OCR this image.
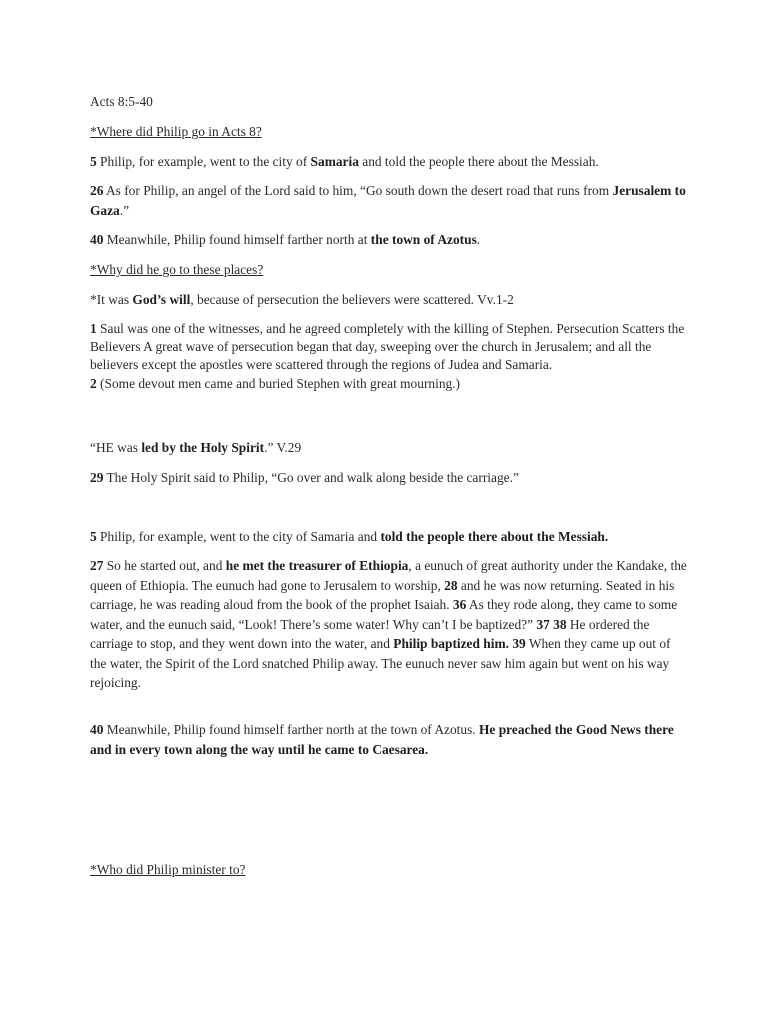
Acts 8:5-40
*Where did Philip go in Acts 8?
5 Philip, for example, went to the city of Samaria and told the people there about the Messiah.
26 As for Philip, an angel of the Lord said to him, “Go south down the desert road that runs from Jerusalem to Gaza.”
40 Meanwhile, Philip found himself farther north at the town of Azotus.
*Why did he go to these places?
*It was God’s will, because of persecution the believers were scattered. Vv.1-2
1 Saul was one of the witnesses, and he agreed completely with the killing of Stephen. Persecution Scatters the Believers A great wave of persecution began that day, sweeping over the church in Jerusalem; and all the believers except the apostles were scattered through the regions of Judea and Samaria.
2 (Some devout men came and buried Stephen with great mourning.)
“HE was led by the Holy Spirit.” V.29
29 The Holy Spirit said to Philip, “Go over and walk along beside the carriage.”
5 Philip, for example, went to the city of Samaria and told the people there about the Messiah.
27 So he started out, and he met the treasurer of Ethiopia, a eunuch of great authority under the Kandake, the queen of Ethiopia. The eunuch had gone to Jerusalem to worship, 28 and he was now returning. Seated in his carriage, he was reading aloud from the book of the prophet Isaiah. 36 As they rode along, they came to some water, and the eunuch said, “Look! There’s some water! Why can’t I be baptized?” 37 38 He ordered the carriage to stop, and they went down into the water, and Philip baptized him. 39 When they came up out of the water, the Spirit of the Lord snatched Philip away. The eunuch never saw him again but went on his way rejoicing.
40 Meanwhile, Philip found himself farther north at the town of Azotus. He preached the Good News there and in every town along the way until he came to Caesarea.
*Who did Philip minister to?
